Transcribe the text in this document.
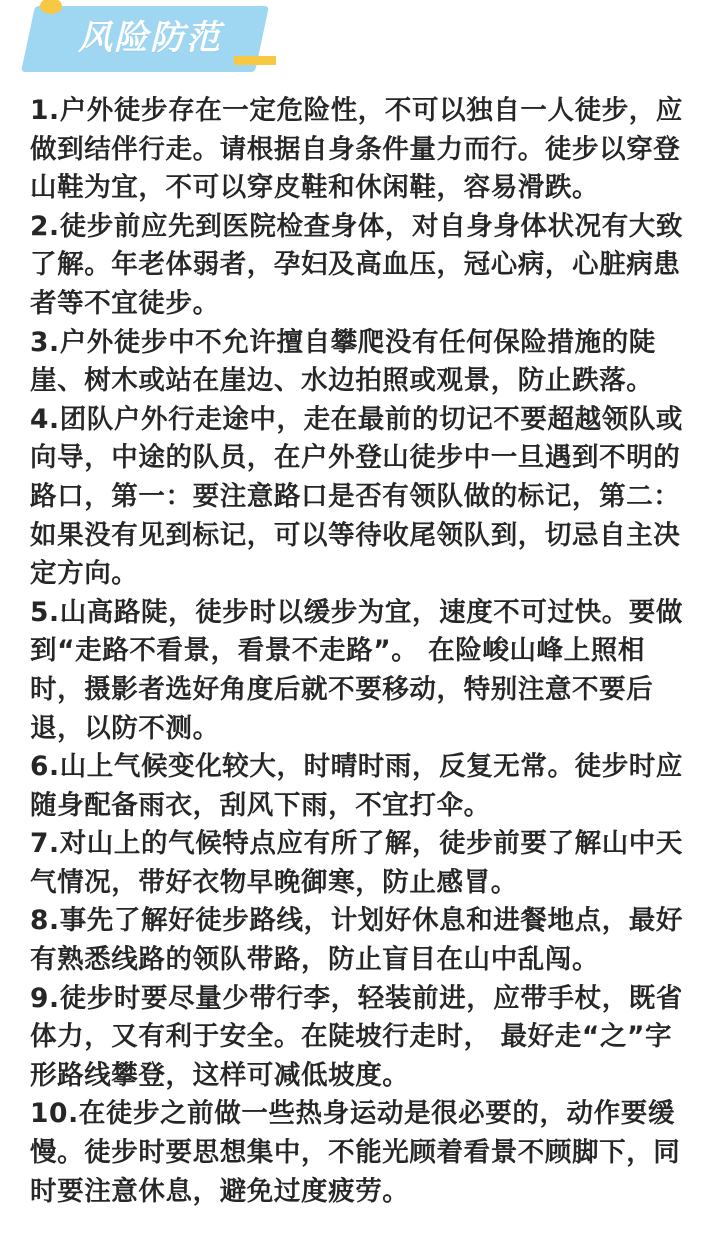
风险防范

1.户外徒步存在一定危险性，不可以独自一人徒步，应做到结伴行走。请根据自身条件量力而行。徒步以穿登山鞋为宜，不可以穿皮鞋和休闲鞋，容易滑跌。

2.徒步前应先到医院检查身体，对自身身体状况有大致了解。年老体弱者，孕妇及高血压，冠心病，心脏病患者等不宜徒步。

3.户外徒步中不允许擅自攀爬没有任何保险措施的陡崖、树木或站在崖边、水边拍照或观景，防止跌落。

4.团队户外行走途中，走在最前的切记不要超越领队或向导，中途的队员，在户外登山徒步中一旦遇到不明的路口，第一：要注意路口是否有领队做的标记，第二：如果没有见到标记，可以等待收尾领队到，切忌自主决定方向。

5.山高路陡，徒步时以缓步为宜，速度不可过快。要做到“走路不看景，看景不走路”。 在险峻山峰上照相时，摄影者选好角度后就不要移动，特别注意不要后退，以防不测。

6.山上气候变化较大，时晴时雨，反复无常。徒步时应随身配备雨衣，刮风下雨，不宜打伞。

7.对山上的气候特点应有所了解，徒步前要了解山中天气情况，带好衣物早晚御寒，防止感冒。

8.事先了解好徒步路线，计划好休息和进餐地点，最好有熟悉线路的领队带路，防止盲目在山中乱闯。

9.徒步时要尽量少带行李，轻装前进，应带手杖，既省体力，又有利于安全。在陡坡行走时， 最好走“之”字形路线攀登，这样可减低坡度。

10.在徒步之前做一些热身运动是很必要的，动作要缓慢。徒步时要思想集中，不能光顾着看景不顾脚下，同时要注意休息，避免过度疲劳。
